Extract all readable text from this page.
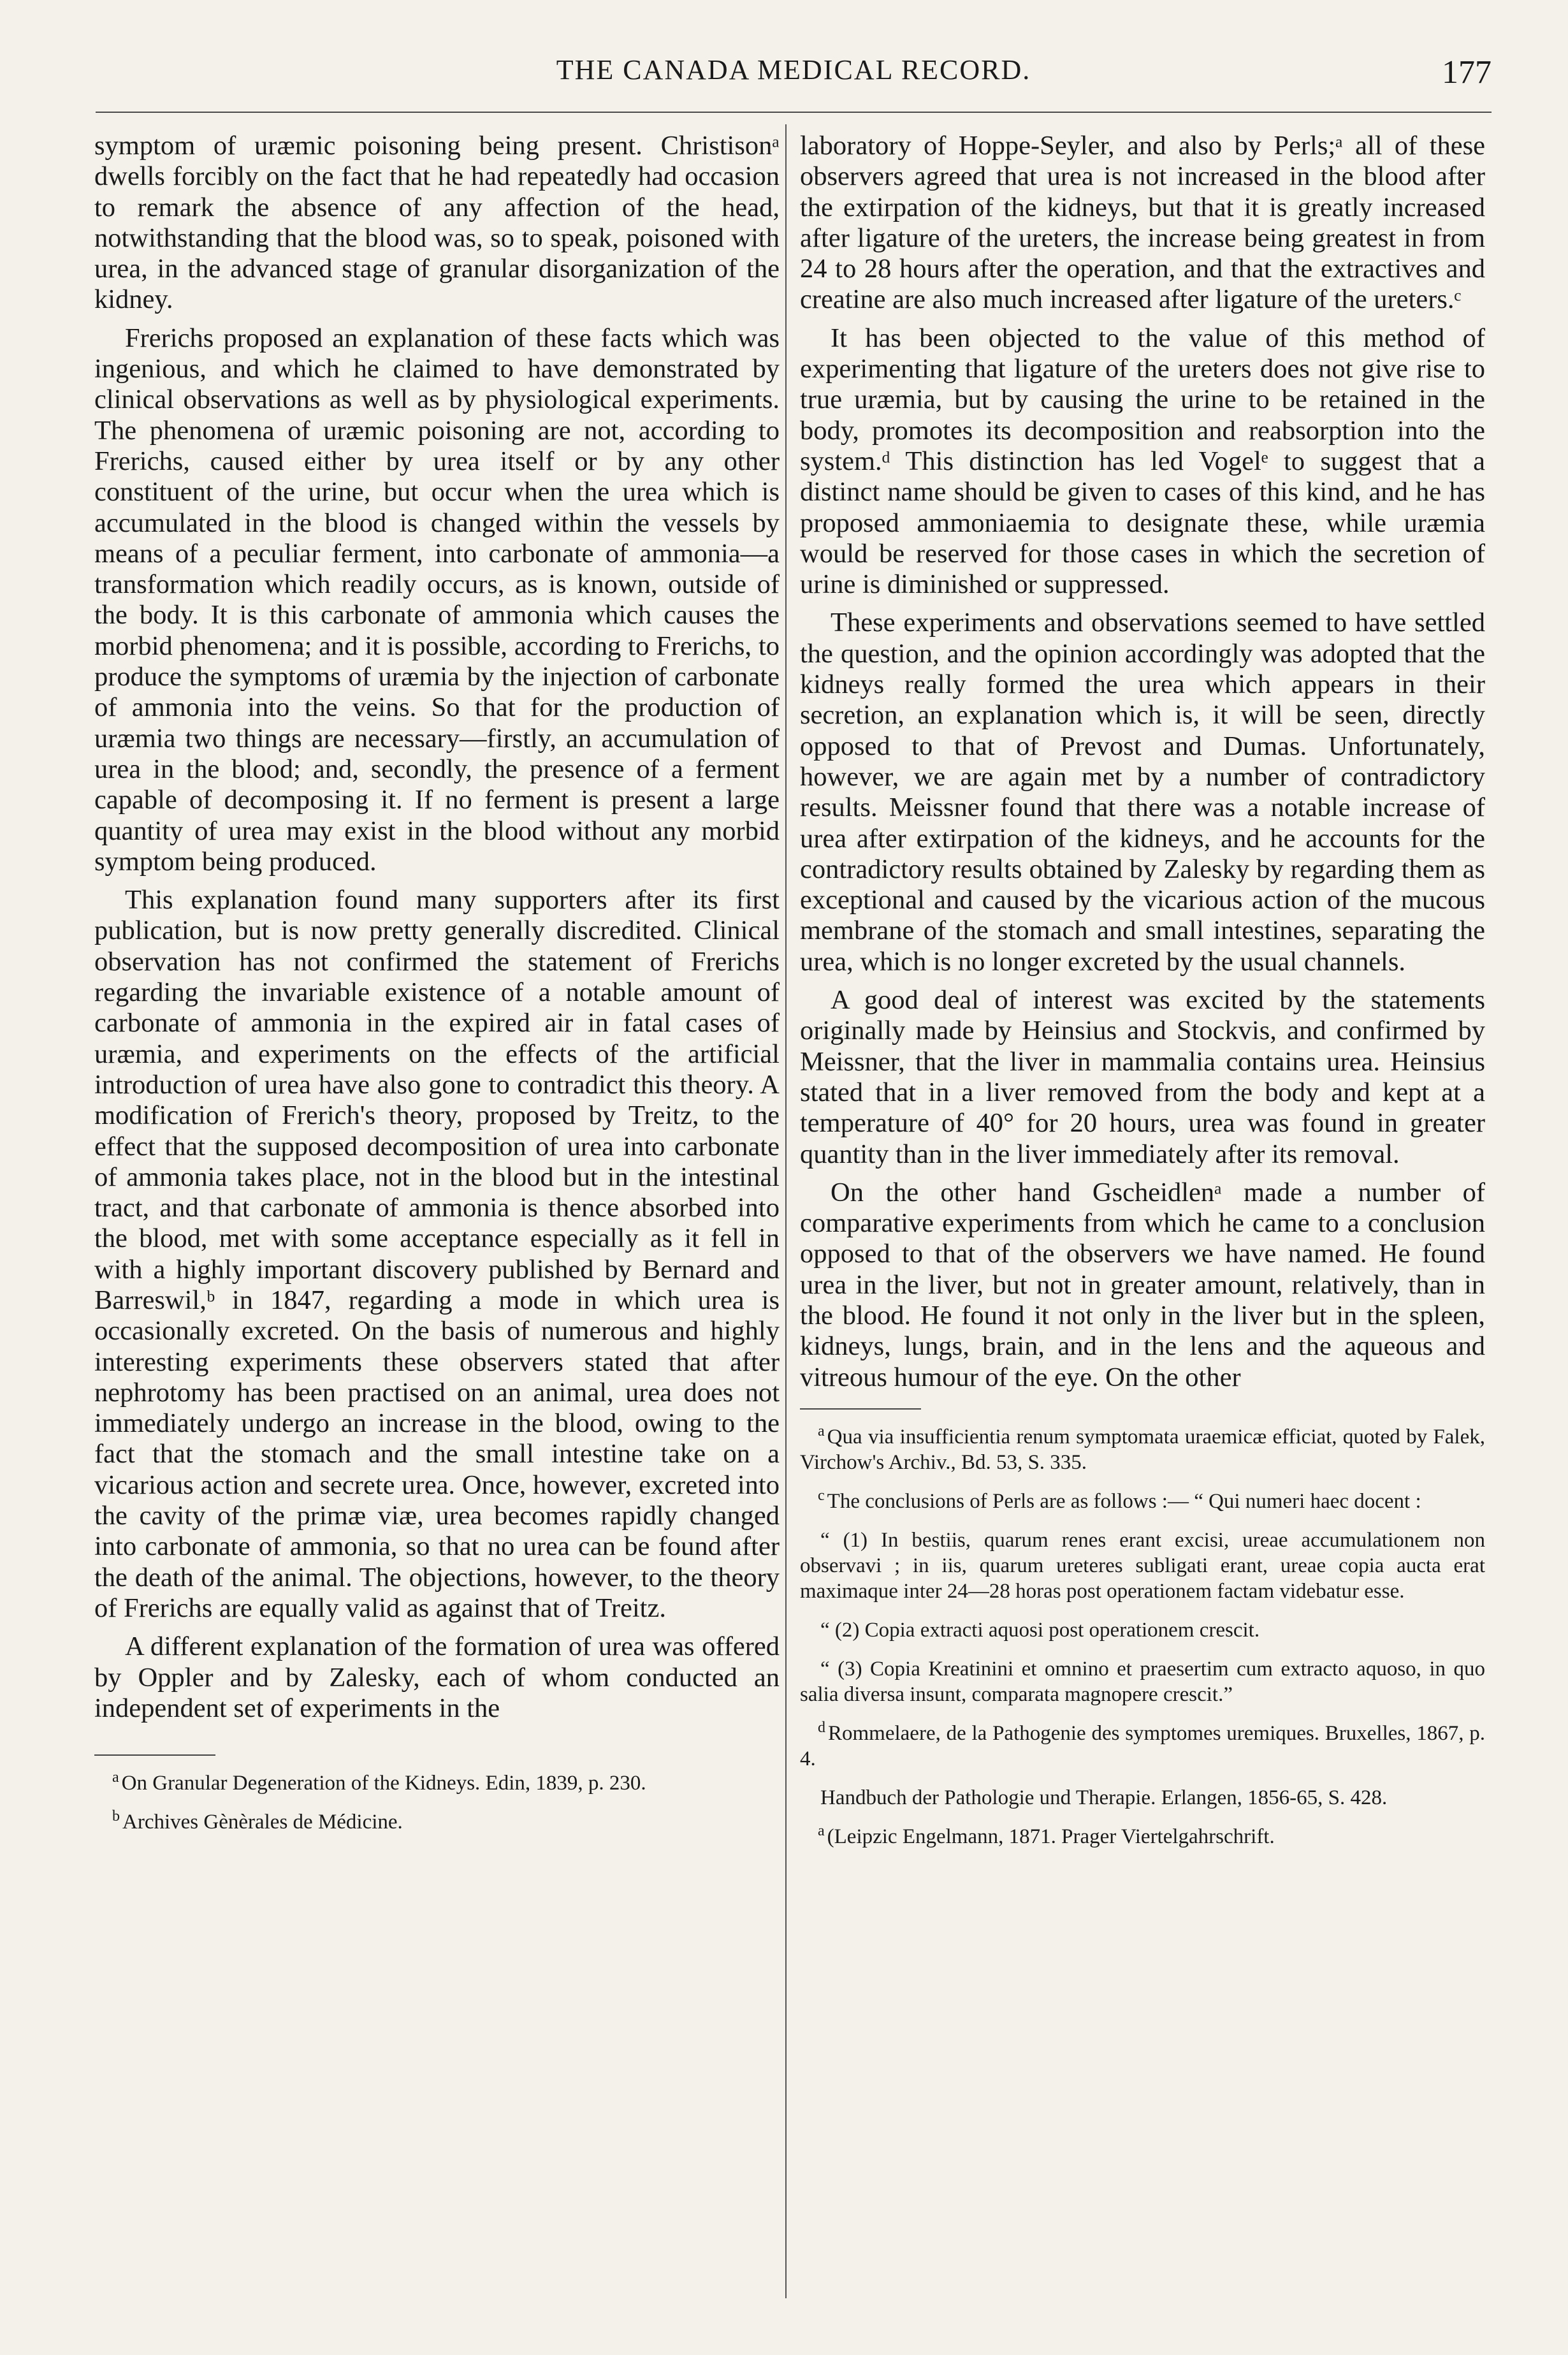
THE CANADA MEDICAL RECORD.	177

symptom of uræmic poisoning being present. Christisonᵃ dwells forcibly on the fact that he had repeatedly had occasion to remark the absence of any affection of the head, notwithstanding that the blood was, so to speak, poisoned with urea, in the advanced stage of granular disorganization of the kidney.

Frerichs proposed an explanation of these facts which was ingenious, and which he claimed to have demonstrated by clinical observations as well as by physiological experiments. The phenomena of uræmic poisoning are not, according to Frerichs, caused either by urea itself or by any other constituent of the urine, but occur when the urea which is accumulated in the blood is changed within the vessels by means of a peculiar ferment, into carbonate of ammonia—a transformation which readily occurs, as is known, outside of the body. It is this carbonate of ammonia which causes the morbid phenomena; and it is possible, according to Frerichs, to produce the symptoms of uræmia by the injection of carbonate of ammonia into the veins. So that for the production of uræmia two things are necessary—firstly, an accumulation of urea in the blood; and, secondly, the presence of a ferment capable of decomposing it. If no ferment is present a large quantity of urea may exist in the blood without any morbid symptom being produced.

This explanation found many supporters after its first publication, but is now pretty generally discredited. Clinical observation has not confirmed the statement of Frerichs regarding the invariable existence of a notable amount of carbonate of ammonia in the expired air in fatal cases of uræmia, and experiments on the effects of the artificial introduction of urea have also gone to contradict this theory. A modification of Frerich's theory, proposed by Treitz, to the effect that the supposed decomposition of urea into carbonate of ammonia takes place, not in the blood but in the intestinal tract, and that carbonate of ammonia is thence absorbed into the blood, met with some acceptance especially as it fell in with a highly important discovery published by Bernard and Barreswil,ᵇ in 1847, regarding a mode in which urea is occasionally excreted. On the basis of numerous and highly interesting experiments these observers stated that after nephrotomy has been practised on an animal, urea does not immediately undergo an increase in the blood, owing to the fact that the stomach and the small intestine take on a vicarious action and secrete urea. Once, however, excreted into the cavity of the primæ viæ, urea becomes rapidly changed into carbonate of ammonia, so that no urea can be found after the death of the animal. The objections, however, to the theory of Frerichs are equally valid as against that of Treitz.

A different explanation of the formation of urea was offered by Oppler and by Zalesky, each of whom conducted an independent set of experiments in the

$^a$ On Granular Degeneration of the Kidneys. Edin, 1839, p. 230.

$^b$ Archives Gènèrales de Médicine.

laboratory of Hoppe-Seyler, and also by Perls;ᵃ all of these observers agreed that urea is not increased in the blood after the extirpation of the kidneys, but that it is greatly increased after ligature of the ureters, the increase being greatest in from 24 to 28 hours after the operation, and that the extractives and creatine are also much increased after ligature of the ureters.ᶜ

It has been objected to the value of this method of experimenting that ligature of the ureters does not give rise to true uræmia, but by causing the urine to be retained in the body, promotes its decomposition and reabsorption into the system.ᵈ This distinction has led Vogelᵉ to suggest that a distinct name should be given to cases of this kind, and he has proposed ammoniaemia to designate these, while uræmia would be reserved for those cases in which the secretion of urine is diminished or suppressed.

These experiments and observations seemed to have settled the question, and the opinion accordingly was adopted that the kidneys really formed the urea which appears in their secretion, an explanation which is, it will be seen, directly opposed to that of Prevost and Dumas. Unfortunately, however, we are again met by a number of contradictory results. Meissner found that there was a notable increase of urea after extirpation of the kidneys, and he accounts for the contradictory results obtained by Zalesky by regarding them as exceptional and caused by the vicarious action of the mucous membrane of the stomach and small intestines, separating the urea, which is no longer excreted by the usual channels.

A good deal of interest was excited by the statements originally made by Heinsius and Stockvis, and confirmed by Meissner, that the liver in mammalia contains urea. Heinsius stated that in a liver removed from the body and kept at a temperature of 40° for 20 hours, urea was found in greater quantity than in the liver immediately after its removal.

On the other hand Gscheidlenᵃ made a number of comparative experiments from which he came to a conclusion opposed to that of the observers we have named. He found urea in the liver, but not in greater amount, relatively, than in the blood. He found it not only in the liver but in the spleen, kidneys, lungs, brain, and in the lens and the aqueous and vitreous humour of the eye. On the other

$^a$ Qua via insufficientia renum symptomata uraemicæ efficiat, quoted by Falek, Virchow's Archiv., Bd. 53, S. 335.

$^c$ The conclusions of Perls are as follows :— “ Qui numeri haec docent :

“ (1) In bestiis, quarum renes erant excisi, ureae accumulationem non observavi ; in iis, quarum ureteres subligati erant, ureae copia aucta erat maximaque inter 24—28 horas post operationem factam videbatur esse.

“ (2) Copia extracti aquosi post operationem crescit.

“ (3) Copia Kreatinini et omnino et praesertim cum extracto aquoso, in quo salia diversa insunt, comparata magnopere crescit.”

$^d$ Rommelaere, de la Pathogenie des symptomes uremiques. Bruxelles, 1867, p. 4.

Handbuch der Pathologie und Therapie. Erlangen, 1856-65, S. 428.

$^a$ (Leipzic Engelmann, 1871. Prager Viertelgahrschrift.
